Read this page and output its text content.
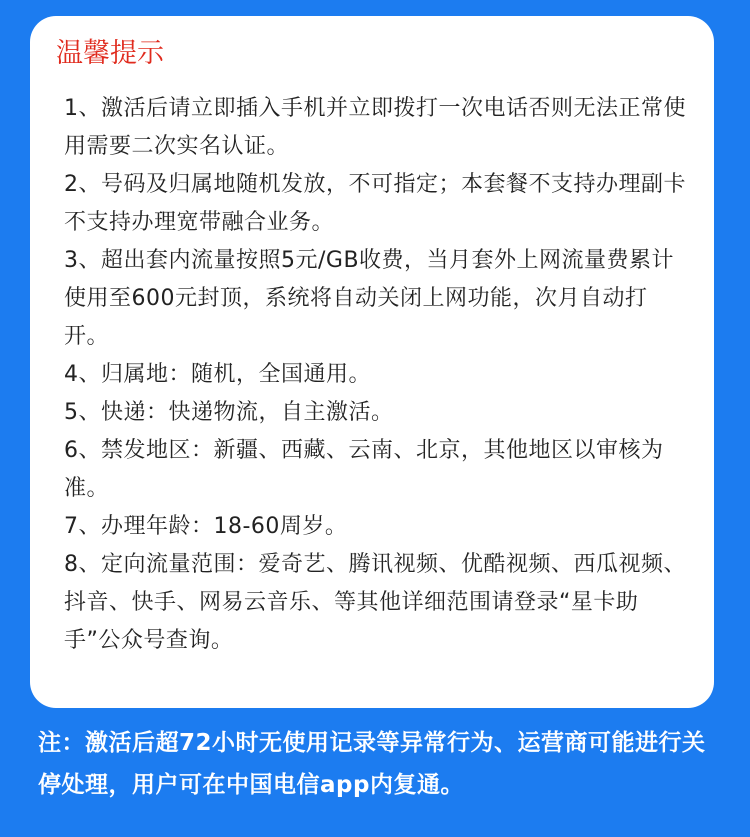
温馨提示
1、激活后请立即插入手机并立即拨打一次电话否则无法正常使用需要二次实名认证。
2、号码及归属地随机发放，不可指定；本套餐不支持办理副卡不支持办理宽带融合业务。
3、超出套内流量按照5元/GB收费，当月套外上网流量费累计使用至600元封顶，系统将自动关闭上网功能，次月自动打开。
4、归属地：随机，全国通用。
5、快递：快递物流，自主激活。
6、禁发地区：新疆、西藏、云南、北京，其他地区以审核为准。
7、办理年龄：18-60周岁。
8、定向流量范围：爱奇艺、腾讯视频、优酷视频、西瓜视频、抖音、快手、网易云音乐、等其他详细范围请登录“星卡助手”公众号查询。
注：激活后超72小时无使用记录等异常行为、运营商可能进行关停处理，用户可在中国电信app内复通。
